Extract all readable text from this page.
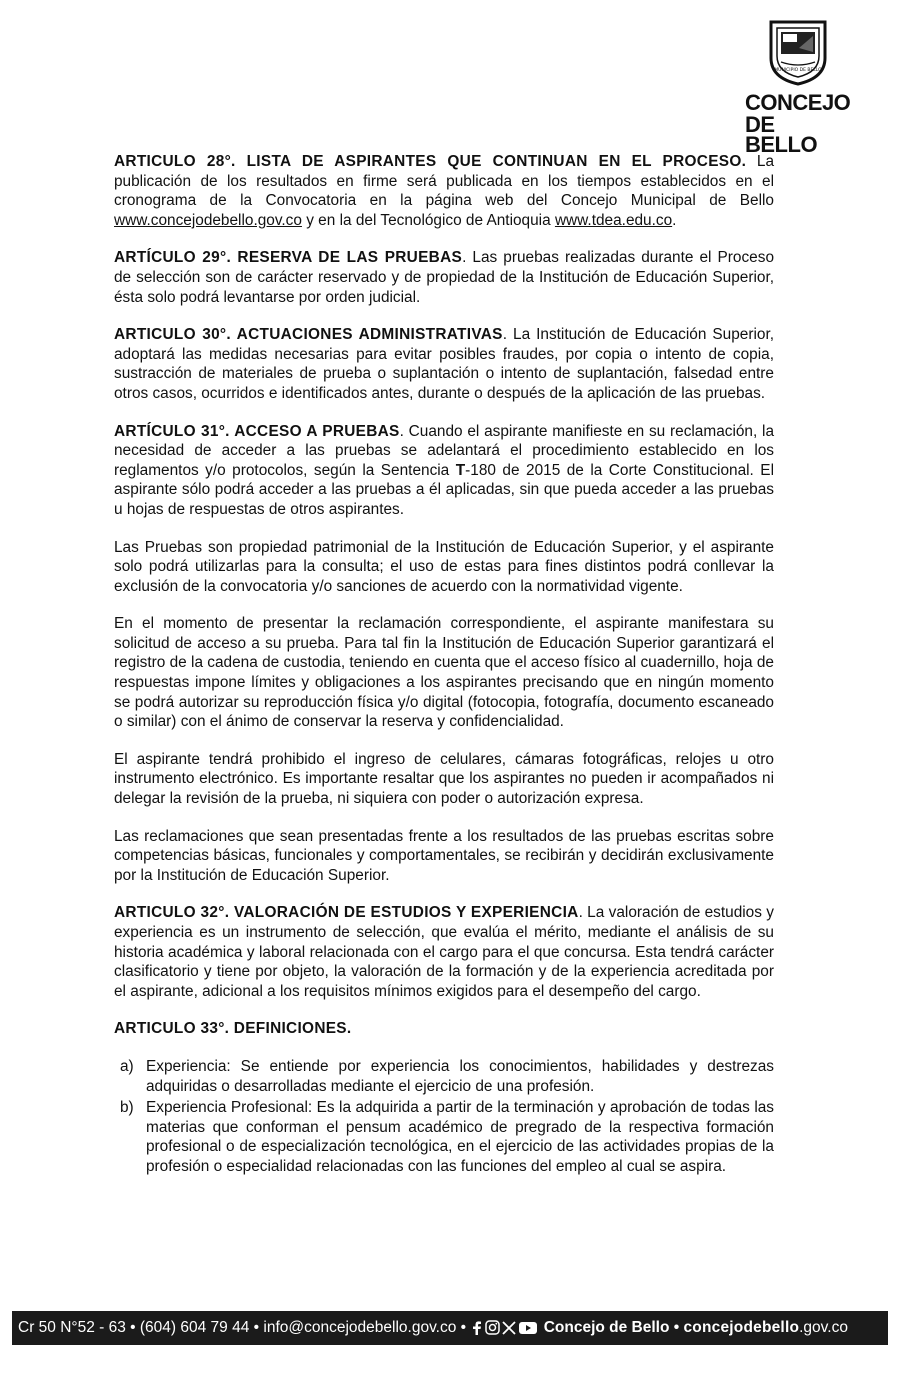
MUNICIPIO DE BELLO
CONCEJO
DE BELLO

ARTICULO 28°. LISTA DE ASPIRANTES QUE CONTINUAN EN EL PROCESO. La publicación de los resultados en firme será publicada en los tiempos establecidos en el cronograma de la Convocatoria en la página web del Concejo Municipal de Bello www.concejodebello.gov.co y en la del Tecnológico de Antioquia www.tdea.edu.co.

ARTÍCULO 29°. RESERVA DE LAS PRUEBAS. Las pruebas realizadas durante el Proceso de selección son de carácter reservado y de propiedad de la Institución de Educación Superior, ésta solo podrá levantarse por orden judicial.

ARTICULO 30°. ACTUACIONES ADMINISTRATIVAS. La Institución de Educación Superior, adoptará las medidas necesarias para evitar posibles fraudes, por copia o intento de copia, sustracción de materiales de prueba o suplantación o intento de suplantación, falsedad entre otros casos, ocurridos e identificados antes, durante o después de la aplicación de las pruebas.

ARTÍCULO 31°. ACCESO A PRUEBAS. Cuando el aspirante manifieste en su reclamación, la necesidad de acceder a las pruebas se adelantará el procedimiento establecido en los reglamentos y/o protocolos, según la Sentencia T-180 de 2015 de la Corte Constitucional. El aspirante sólo podrá acceder a las pruebas a él aplicadas, sin que pueda acceder a las pruebas u hojas de respuestas de otros aspirantes.

Las Pruebas son propiedad patrimonial de la Institución de Educación Superior, y el aspirante solo podrá utilizarlas para la consulta; el uso de estas para fines distintos podrá conllevar la exclusión de la convocatoria y/o sanciones de acuerdo con la normatividad vigente.

En el momento de presentar la reclamación correspondiente, el aspirante manifestara su solicitud de acceso a su prueba. Para tal fin la Institución de Educación Superior garantizará el registro de la cadena de custodia, teniendo en cuenta que el acceso físico al cuadernillo, hoja de respuestas impone límites y obligaciones a los aspirantes precisando que en ningún momento se podrá autorizar su reproducción física y/o digital (fotocopia, fotografía, documento escaneado o similar) con el ánimo de conservar la reserva y confidencialidad.

El aspirante tendrá prohibido el ingreso de celulares, cámaras fotográficas, relojes u otro instrumento electrónico. Es importante resaltar que los aspirantes no pueden ir acompañados ni delegar la revisión de la prueba, ni siquiera con poder o autorización expresa.

Las reclamaciones que sean presentadas frente a los resultados de las pruebas escritas sobre competencias básicas, funcionales y comportamentales, se recibirán y decidirán exclusivamente por la Institución de Educación Superior.

ARTICULO 32°. VALORACIÓN DE ESTUDIOS Y EXPERIENCIA. La valoración de estudios y experiencia es un instrumento de selección, que evalúa el mérito, mediante el análisis de su historia académica y laboral relacionada con el cargo para el que concursa. Esta tendrá carácter clasificatorio y tiene por objeto, la valoración de la formación y de la experiencia acreditada por el aspirante, adicional a los requisitos mínimos exigidos para el desempeño del cargo.

ARTICULO 33°. DEFINICIONES.

a) Experiencia: Se entiende por experiencia los conocimientos, habilidades y destrezas adquiridas o desarrolladas mediante el ejercicio de una profesión.
b) Experiencia Profesional: Es la adquirida a partir de la terminación y aprobación de todas las materias que conforman el pensum académico de pregrado de la respectiva formación profesional o de especialización tecnológica, en el ejercicio de las actividades propias de la profesión o especialidad relacionadas con las funciones del empleo al cual se aspira.
Cr 50 N°52 - 63 • (604) 604 79 44 • info@concejodebello.gov.co •	Concejo de Bello • concejodebello.gov.co
